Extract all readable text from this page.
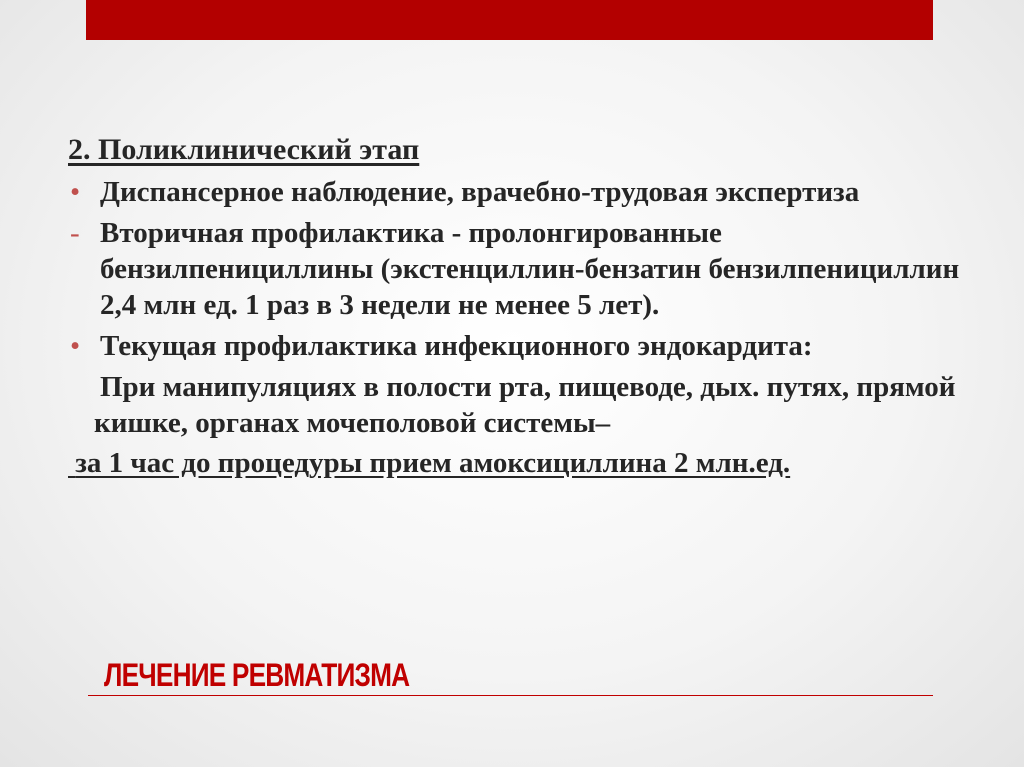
2. Поликлинический этап
• Диспансерное наблюдение, врачебно-трудовая экспертиза
- Вторичная профилактика - пролонгированные бензилпенициллины (экстенциллин-бензатин бензилпенициллин 2,4 млн ед. 1 раз в 3 недели не менее 5 лет).
• Текущая профилактика инфекционного эндокардита:
При манипуляциях в полости рта, пищеводе, дых. путях, прямой кишке, органах мочеполовой системы–
за 1 час до процедуры прием амоксициллина 2 млн.ед.
ЛЕЧЕНИЕ РЕВМАТИЗМА
